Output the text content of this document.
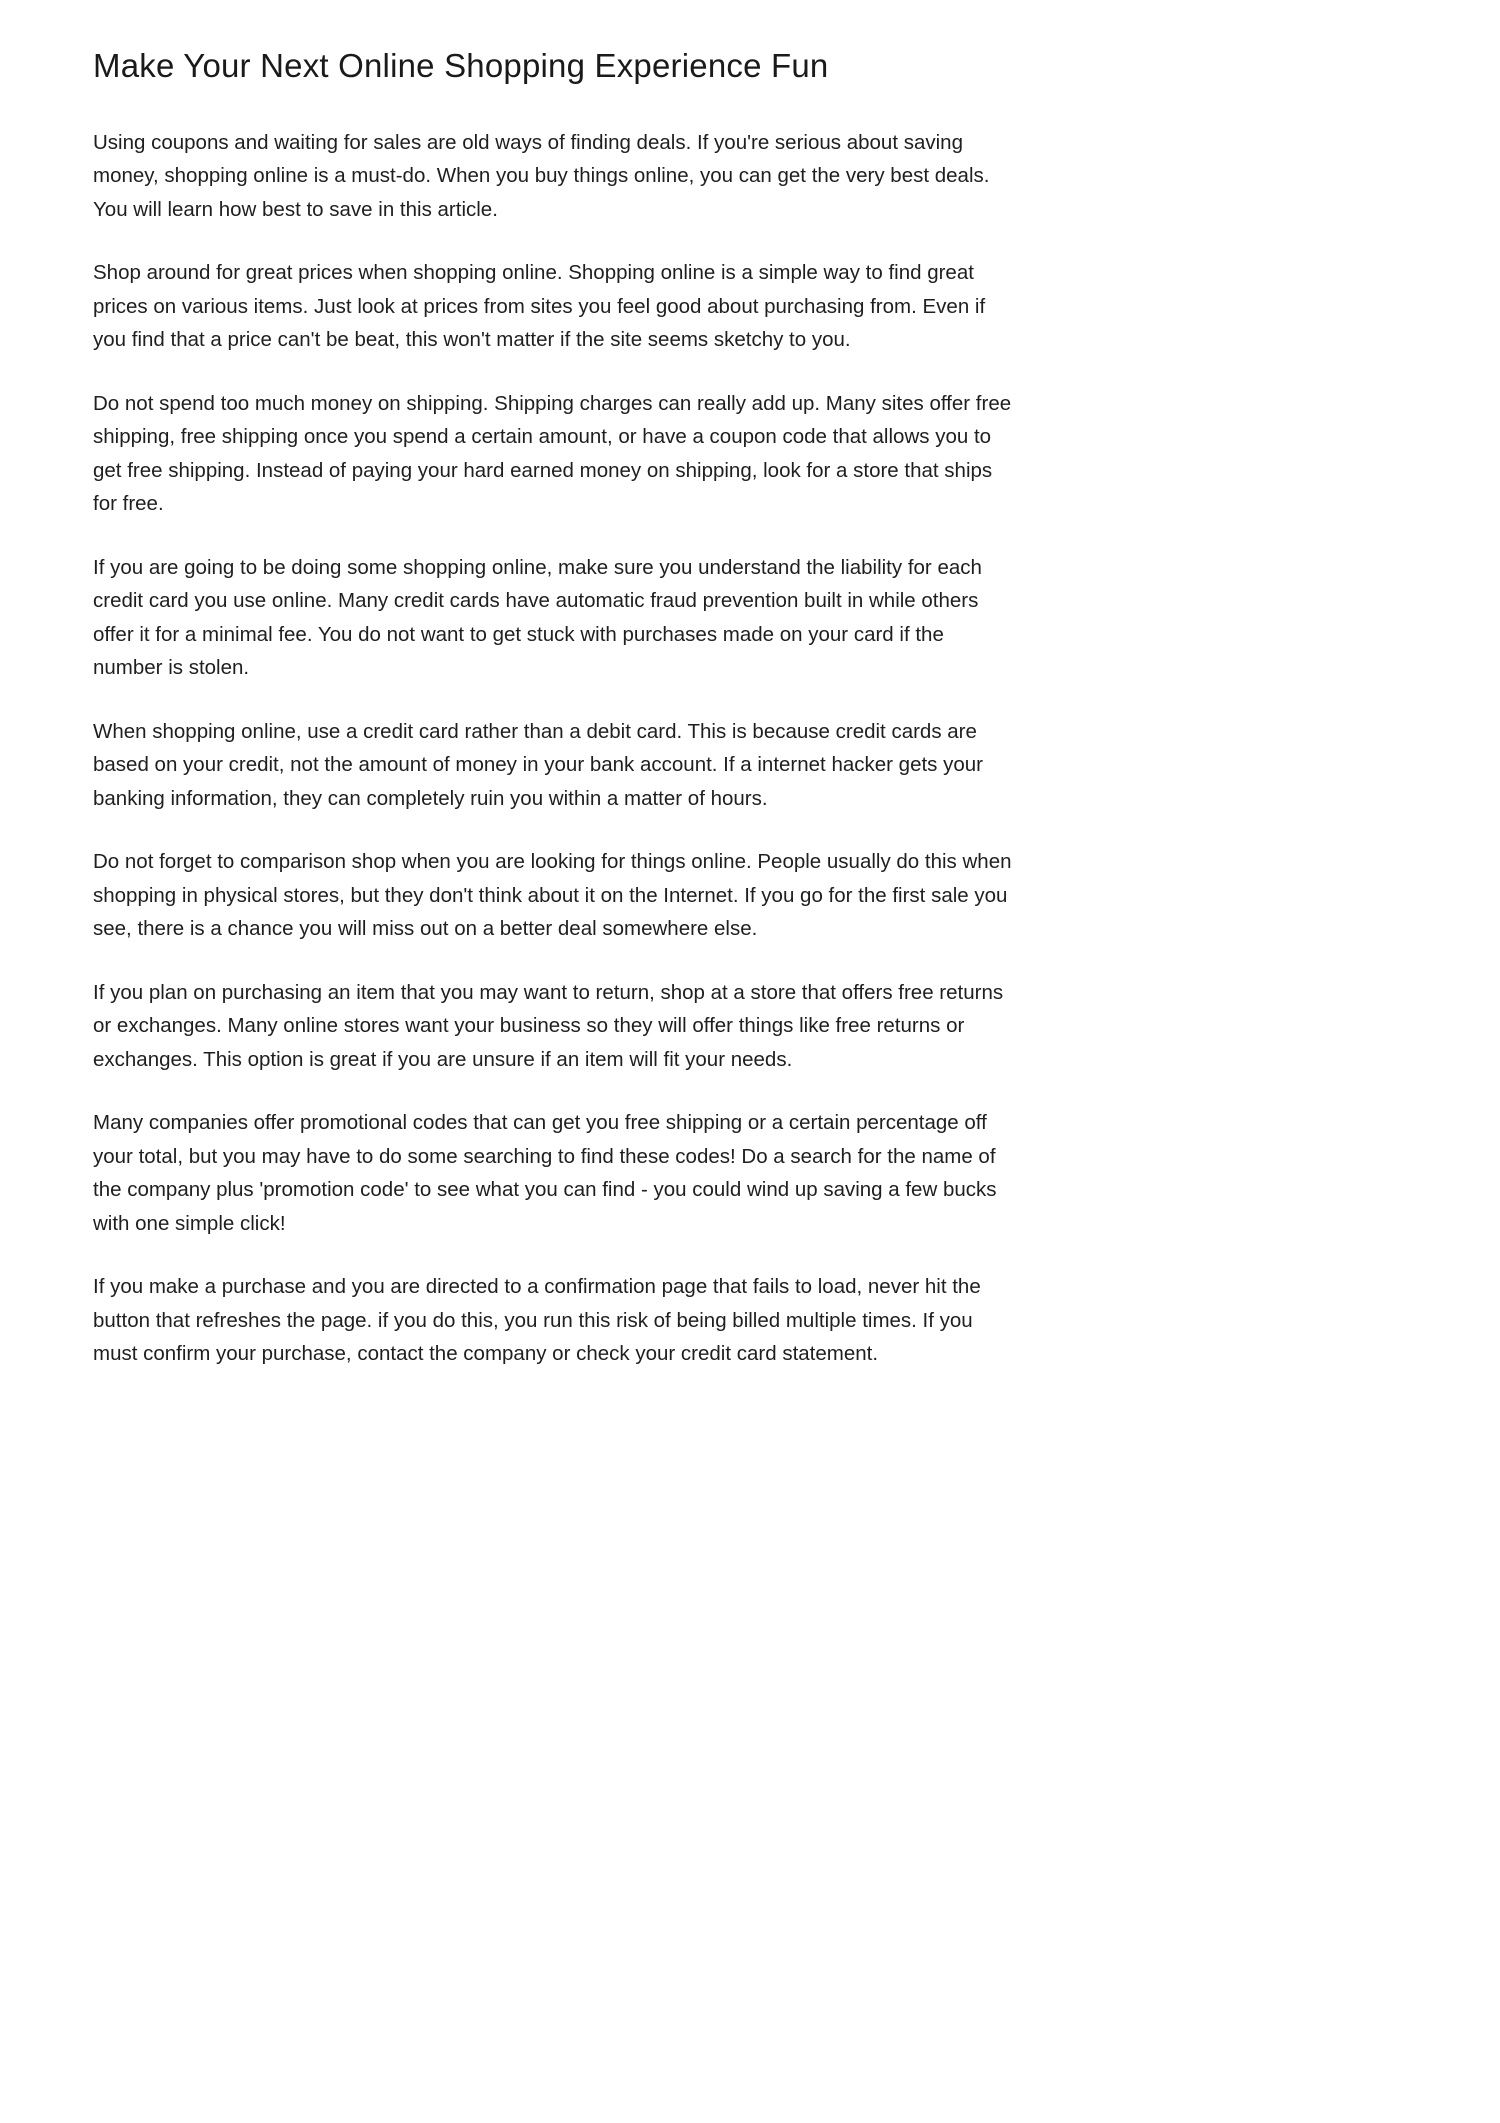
Make Your Next Online Shopping Experience Fun

Using coupons and waiting for sales are old ways of finding deals. If you're serious about saving money, shopping online is a must-do. When you buy things online, you can get the very best deals. You will learn how best to save in this article.

Shop around for great prices when shopping online. Shopping online is a simple way to find great prices on various items. Just look at prices from sites you feel good about purchasing from. Even if you find that a price can't be beat, this won't matter if the site seems sketchy to you.

Do not spend too much money on shipping. Shipping charges can really add up. Many sites offer free shipping, free shipping once you spend a certain amount, or have a coupon code that allows you to get free shipping. Instead of paying your hard earned money on shipping, look for a store that ships for free.

If you are going to be doing some shopping online, make sure you understand the liability for each credit card you use online. Many credit cards have automatic fraud prevention built in while others offer it for a minimal fee. You do not want to get stuck with purchases made on your card if the number is stolen.

When shopping online, use a credit card rather than a debit card. This is because credit cards are based on your credit, not the amount of money in your bank account. If a internet hacker gets your banking information, they can completely ruin you within a matter of hours.

Do not forget to comparison shop when you are looking for things online. People usually do this when shopping in physical stores, but they don't think about it on the Internet. If you go for the first sale you see, there is a chance you will miss out on a better deal somewhere else.

If you plan on purchasing an item that you may want to return, shop at a store that offers free returns or exchanges. Many online stores want your business so they will offer things like free returns or exchanges. This option is great if you are unsure if an item will fit your needs.

Many companies offer promotional codes that can get you free shipping or a certain percentage off your total, but you may have to do some searching to find these codes! Do a search for the name of the company plus 'promotion code' to see what you can find - you could wind up saving a few bucks with one simple click!

If you make a purchase and you are directed to a confirmation page that fails to load, never hit the button that refreshes the page. if you do this, you run this risk of being billed multiple times. If you must confirm your purchase, contact the company or check your credit card statement.
